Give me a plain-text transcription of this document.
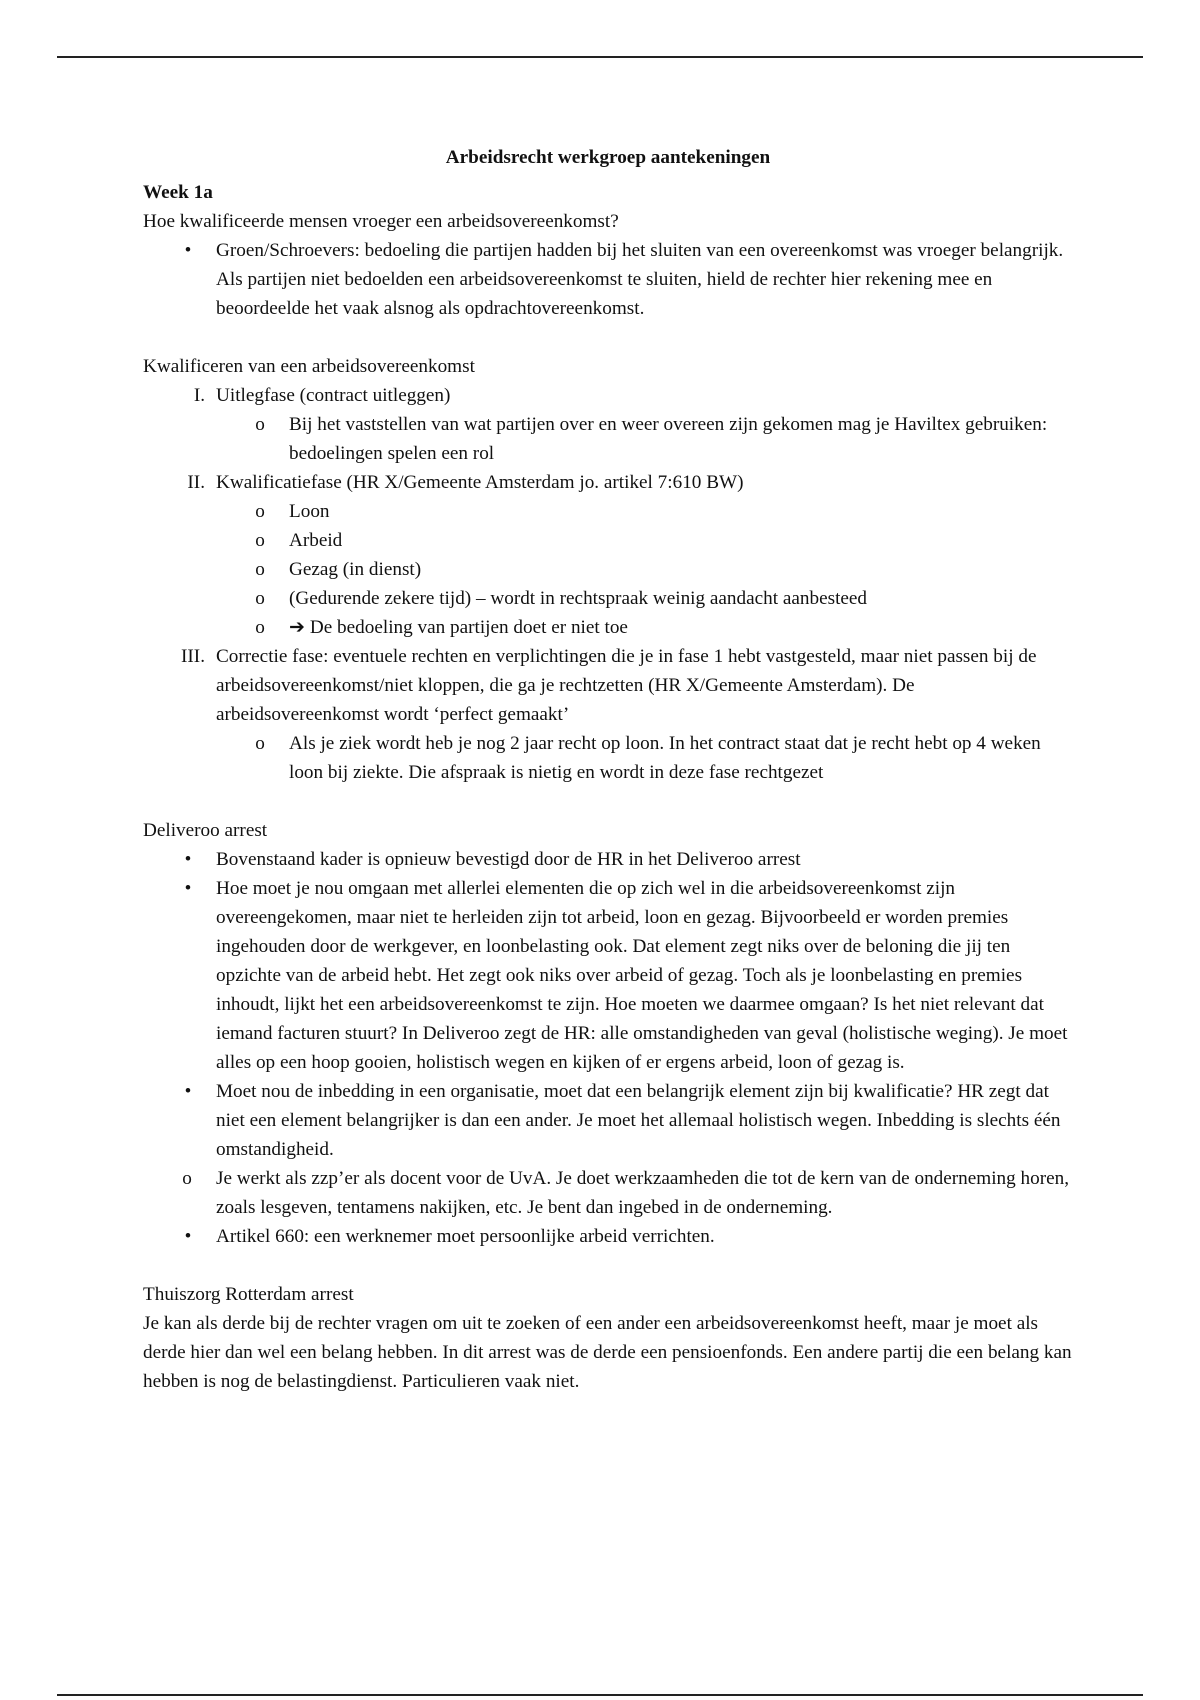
Arbeidsrecht werkgroep aantekeningen

Week 1a

Hoe kwalificeerde mensen vroeger een arbeidsovereenkomst?

• Groen/Schroevers: bedoeling die partijen hadden bij het sluiten van een overeenkomst was vroeger belangrijk. Als partijen niet bedoelden een arbeidsovereenkomst te sluiten, hield de rechter hier rekening mee en beoordeelde het vaak alsnog als opdrachtovereenkomst.

Kwalificeren van een arbeidsovereenkomst

I. Uitlegfase (contract uitleggen)
o Bij het vaststellen van wat partijen over en weer overeen zijn gekomen mag je Haviltex gebruiken: bedoelingen spelen een rol
II. Kwalificatiefase (HR X/Gemeente Amsterdam jo. artikel 7:610 BW)
o Loon
o Arbeid
o Gezag (in dienst)
o (Gedurende zekere tijd) – wordt in rechtspraak weinig aandacht aanbesteed
o ➔ De bedoeling van partijen doet er niet toe
III. Correctie fase: eventuele rechten en verplichtingen die je in fase 1 hebt vastgesteld, maar niet passen bij de arbeidsovereenkomst/niet kloppen, die ga je rechtzetten (HR X/Gemeente Amsterdam). De arbeidsovereenkomst wordt ‘perfect gemaakt’
o Als je ziek wordt heb je nog 2 jaar recht op loon. In het contract staat dat je recht hebt op 4 weken loon bij ziekte. Die afspraak is nietig en wordt in deze fase rechtgezet

Deliveroo arrest

• Bovenstaand kader is opnieuw bevestigd door de HR in het Deliveroo arrest
• Hoe moet je nou omgaan met allerlei elementen die op zich wel in die arbeidsovereenkomst zijn overeengekomen, maar niet te herleiden zijn tot arbeid, loon en gezag. Bijvoorbeeld er worden premies ingehouden door de werkgever, en loonbelasting ook. Dat element zegt niks over de beloning die jij ten opzichte van de arbeid hebt. Het zegt ook niks over arbeid of gezag. Toch als je loonbelasting en premies inhoudt, lijkt het een arbeidsovereenkomst te zijn. Hoe moeten we daarmee omgaan? Is het niet relevant dat iemand facturen stuurt? In Deliveroo zegt de HR: alle omstandigheden van geval (holistische weging). Je moet alles op een hoop gooien, holistisch wegen en kijken of er ergens arbeid, loon of gezag is.
• Moet nou de inbedding in een organisatie, moet dat een belangrijk element zijn bij kwalificatie? HR zegt dat niet een element belangrijker is dan een ander. Je moet het allemaal holistisch wegen. Inbedding is slechts één omstandigheid.
o Je werkt als zzp’er als docent voor de UvA. Je doet werkzaamheden die tot de kern van de onderneming horen, zoals lesgeven, tentamens nakijken, etc. Je bent dan ingebed in de onderneming.
• Artikel 660: een werknemer moet persoonlijke arbeid verrichten.

Thuiszorg Rotterdam arrest

Je kan als derde bij de rechter vragen om uit te zoeken of een ander een arbeidsovereenkomst heeft, maar je moet als derde hier dan wel een belang hebben. In dit arrest was de derde een pensioenfonds. Een andere partij die een belang kan hebben is nog de belastingdienst. Particulieren vaak niet.
